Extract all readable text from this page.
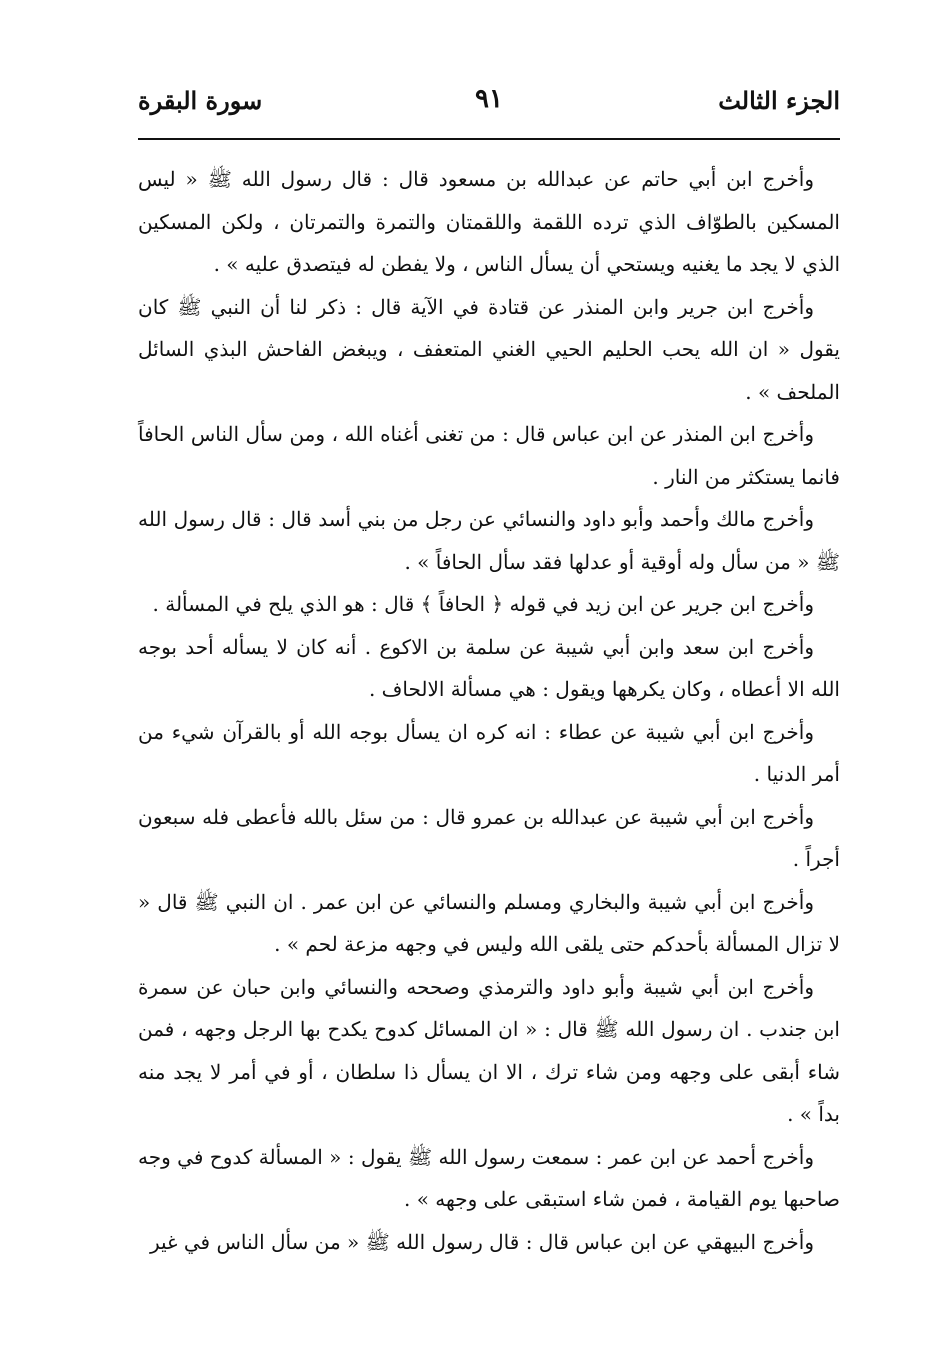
الجزء الثالث
٩١
سورة البقرة

وأخرج ابن أبي حاتم عن عبدالله بن مسعود قال : قال رسول الله ﷺ « ليس المسكين بالطوّاف الذي ترده اللقمة واللقمتان والتمرة والتمرتان ، ولكن المسكين الذي لا يجد ما يغنيه ويستحي أن يسأل الناس ، ولا يفطن له فيتصدق عليه » .

وأخرج ابن جرير وابن المنذر عن قتادة في الآية قال : ذكر لنا أن النبي ﷺ كان يقول « ان الله يحب الحليم الحيي الغني المتعفف ، ويبغض الفاحش البذي السائل الملحف » .

وأخرج ابن المنذر عن ابن عباس قال : من تغنى أغناه الله ، ومن سأل الناس الحافاً فانما يستكثر من النار .

وأخرج مالك وأحمد وأبو داود والنسائي عن رجل من بني أسد قال : قال رسول الله ﷺ « من سأل وله أوقية أو عدلها فقد سأل الحافاً » .

وأخرج ابن جرير عن ابن زيد في قوله ﴿ الحافاً ﴾ قال : هو الذي يلح في المسألة .

وأخرج ابن سعد وابن أبي شيبة عن سلمة بن الاكوع . أنه كان لا يسأله أحد بوجه الله الا أعطاه ، وكان يكرهها ويقول : هي مسألة الالحاف .

وأخرج ابن أبي شيبة عن عطاء : انه كره ان يسأل بوجه الله أو بالقرآن شيء من أمر الدنيا .

وأخرج ابن أبي شيبة عن عبدالله بن عمرو قال : من سئل بالله فأعطى فله سبعون أجراً .

وأخرج ابن أبي شيبة والبخاري ومسلم والنسائي عن ابن عمر . ان النبي ﷺ قال « لا تزال المسألة بأحدكم حتى يلقى الله وليس في وجهه مزعة لحم » .

وأخرج ابن أبي شيبة وأبو داود والترمذي وصححه والنسائي وابن حبان عن سمرة ابن جندب . ان رسول الله ﷺ قال : « ان المسائل كدوح يكدح بها الرجل وجهه ، فمن شاء أبقى على وجهه ومن شاء ترك ، الا ان يسأل ذا سلطان ، أو في أمر لا يجد منه بداً » .

وأخرج أحمد عن ابن عمر : سمعت رسول الله ﷺ يقول : « المسألة كدوح في وجه صاحبها يوم القيامة ، فمن شاء استبقى على وجهه » .

وأخرج البيهقي عن ابن عباس قال : قال رسول الله ﷺ « من سأل الناس في غير
